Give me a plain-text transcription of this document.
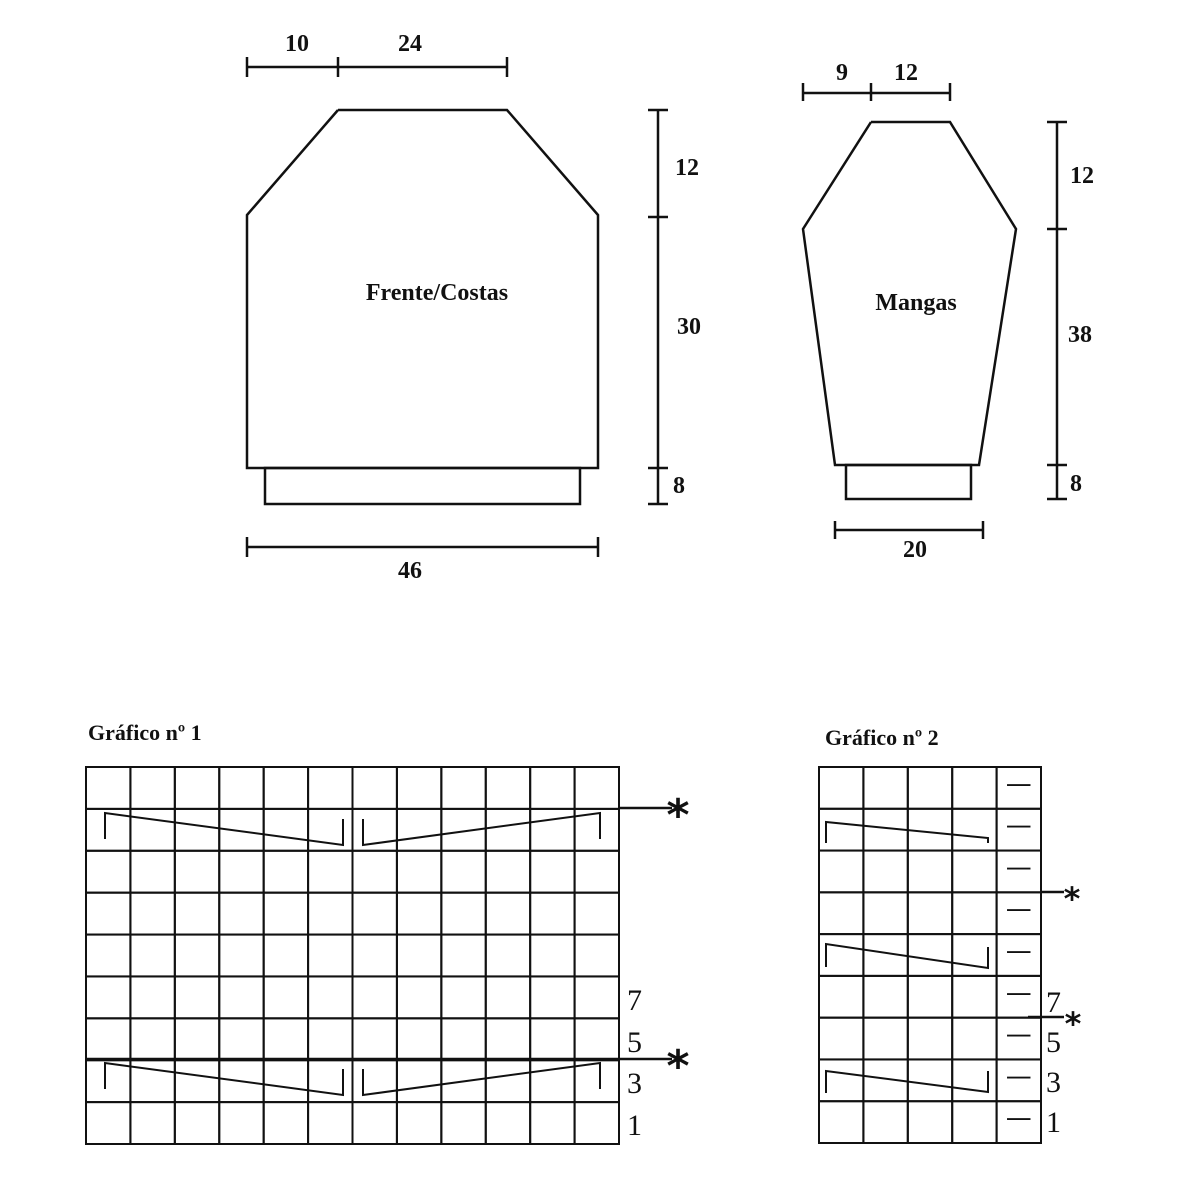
10	24
Frente/Costas
12
30
8
46
9 12
Mangas
12
38
8
20
Gráfico nº 1
*
*
7
5
3
1
Gráfico nº 2
—
—
—
—
—
—
—
—
—
*
*
7
5
3
1
